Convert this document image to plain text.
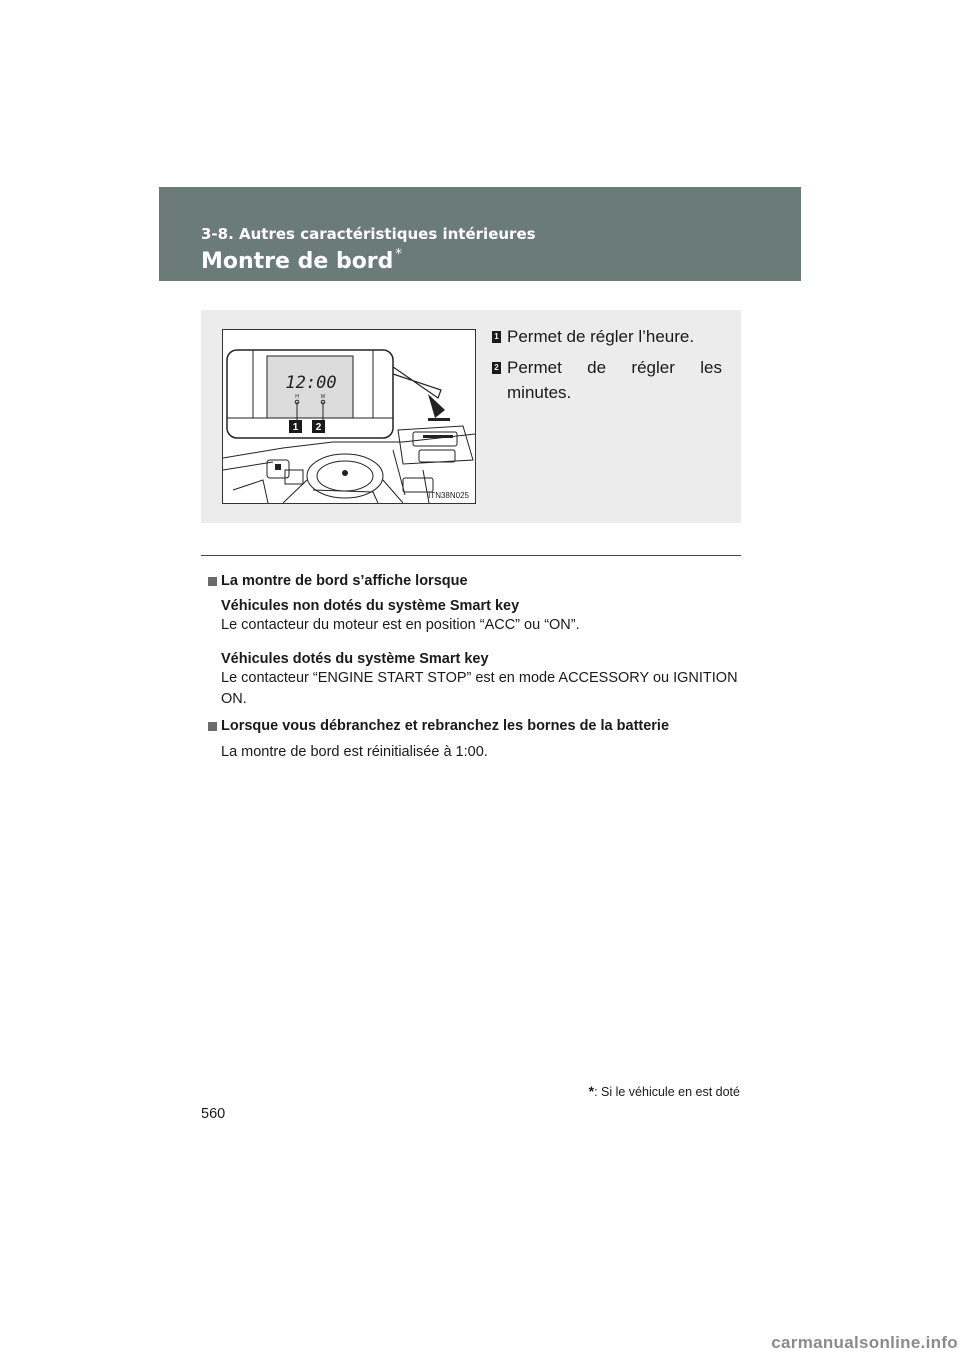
3-8. Autres caractéristiques intérieures
Montre de bord *
12:00
H	M
1 2
ITN38N025
1 Permet de régler l’heure.
2 Permet de régler les minutes.
La montre de bord s’affiche lorsque
Véhicules non dotés du système Smart key
Le contacteur du moteur est en position “ACC” ou “ON”.
Véhicules dotés du système Smart key
Le contacteur “ENGINE START STOP” est en mode ACCESSORY ou IGNITION ON.
Lorsque vous débranchez et rebranchez les bornes de la batterie
La montre de bord est réinitialisée à 1:00.
*: Si le véhicule en est doté
560
carmanualsonline.info
